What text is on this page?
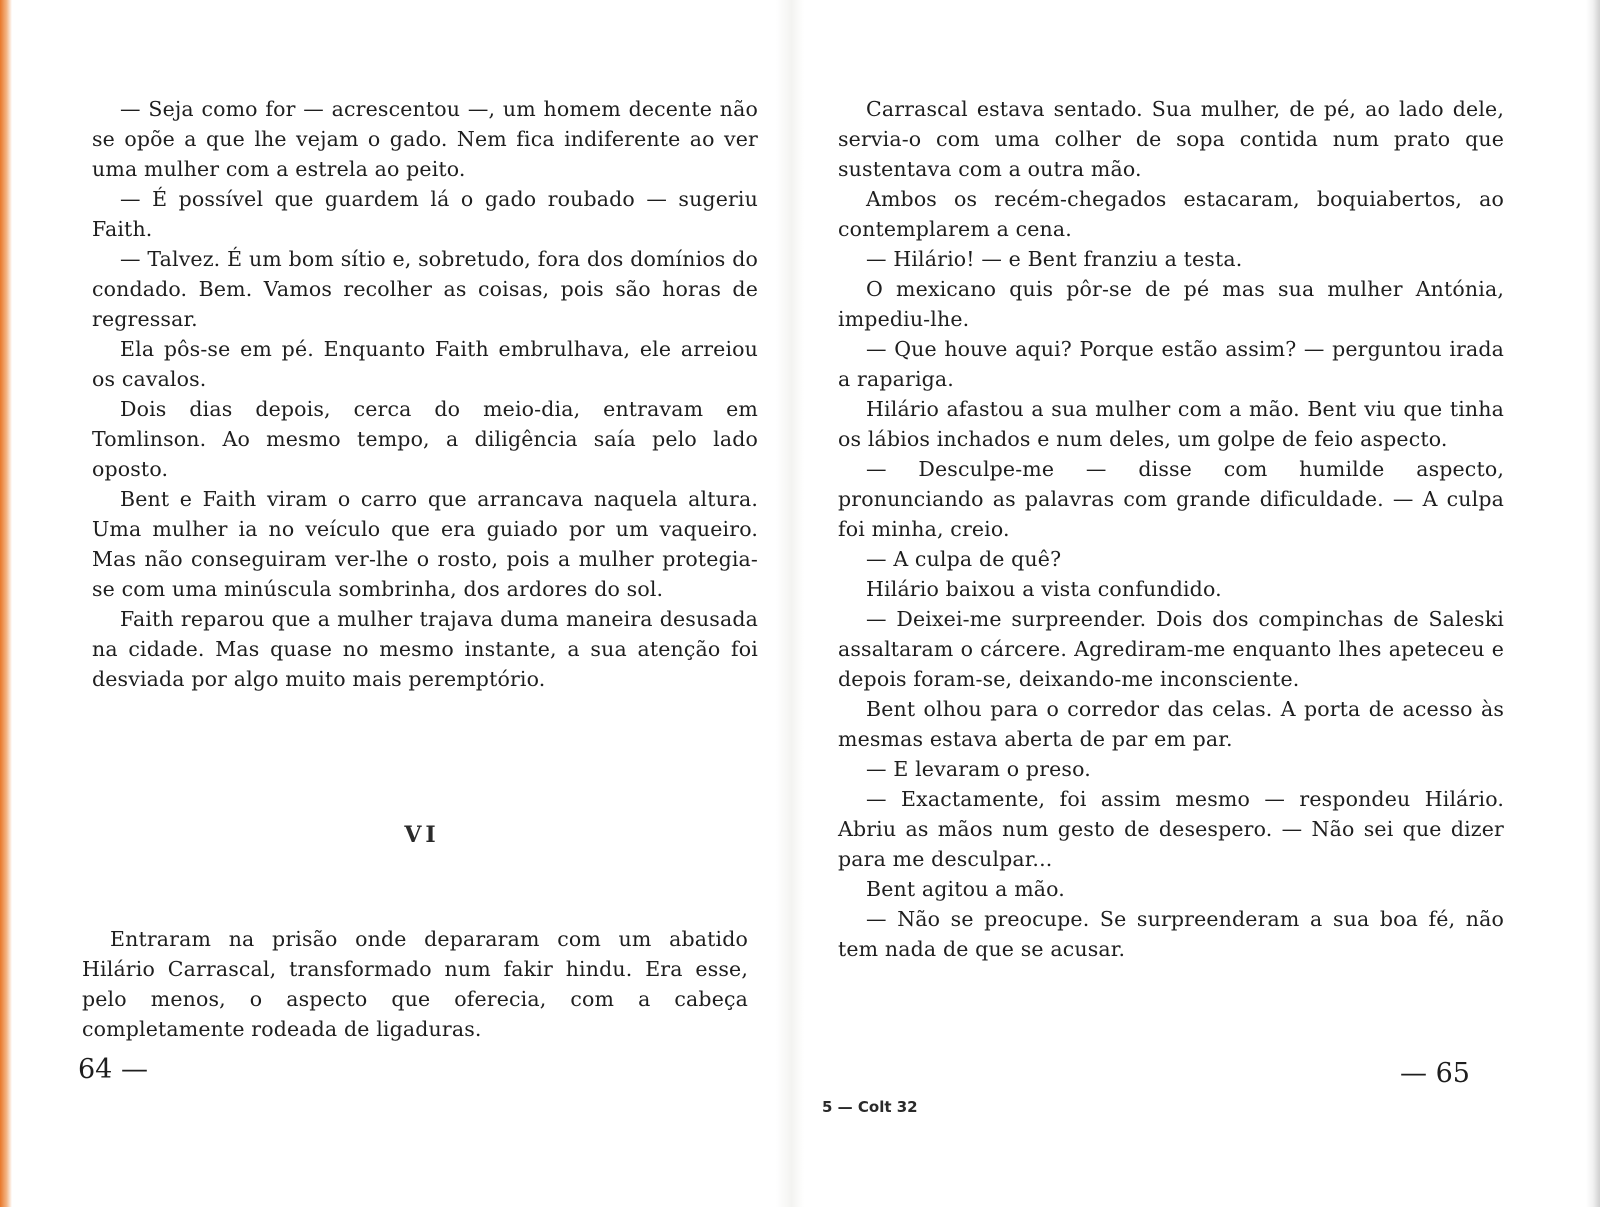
— Seja como for — acrescentou —, um homem decente não se opõe a que lhe vejam o gado. Nem fica indiferente ao ver uma mulher com a estrela ao peito.

— É possível que guardem lá o gado roubado — sugeriu Faith.

— Talvez. É um bom sítio e, sobretudo, fora dos domínios do condado. Bem. Vamos recolher as coisas, pois são horas de regressar.

Ela pôs-se em pé. Enquanto Faith embrulhava, ele arreiou os cavalos.

Dois dias depois, cerca do meio-dia, entravam em Tomlinson. Ao mesmo tempo, a diligência saía pelo lado oposto.

Bent e Faith viram o carro que arrancava naquela altura. Uma mulher ia no veículo que era guiado por um vaqueiro. Mas não conseguiram ver-lhe o rosto, pois a mulher protegia-se com uma minúscula sombrinha, dos ardores do sol.

Faith reparou que a mulher trajava duma maneira desusada na cidade. Mas quase no mesmo instante, a sua atenção foi desviada por algo muito mais peremptório.

VI

Entraram na prisão onde depararam com um abatido Hilário Carrascal, transformado num fakir hindu. Era esse, pelo menos, o aspecto que oferecia, com a cabeça completamente rodeada de ligaduras.

64 —

Carrascal estava sentado. Sua mulher, de pé, ao lado dele, servia-o com uma colher de sopa contida num prato que sustentava com a outra mão.

Ambos os recém-chegados estacaram, boquiabertos, ao contemplarem a cena.

— Hilário! — e Bent franziu a testa.

O mexicano quis pôr-se de pé mas sua mulher Antónia, impediu-lhe.

— Que houve aqui? Porque estão assim? — perguntou irada a rapariga.

Hilário afastou a sua mulher com a mão. Bent viu que tinha os lábios inchados e num deles, um golpe de feio aspecto.

— Desculpe-me — disse com humilde aspecto, pronunciando as palavras com grande dificuldade. — A culpa foi minha, creio.

— A culpa de quê?

Hilário baixou a vista confundido.

— Deixei-me surpreender. Dois dos compinchas de Saleski assaltaram o cárcere. Agrediram-me enquanto lhes apeteceu e depois foram-se, deixando-me inconsciente.

Bent olhou para o corredor das celas. A porta de acesso às mesmas estava aberta de par em par.

— E levaram o preso.

— Exactamente, foi assim mesmo — respondeu Hilário. Abriu as mãos num gesto de desespero. — Não sei que dizer para me desculpar...

Bent agitou a mão.

— Não se preocupe. Se surpreenderam a sua boa fé, não tem nada de que se acusar.

— 65
5 — Colt 32
